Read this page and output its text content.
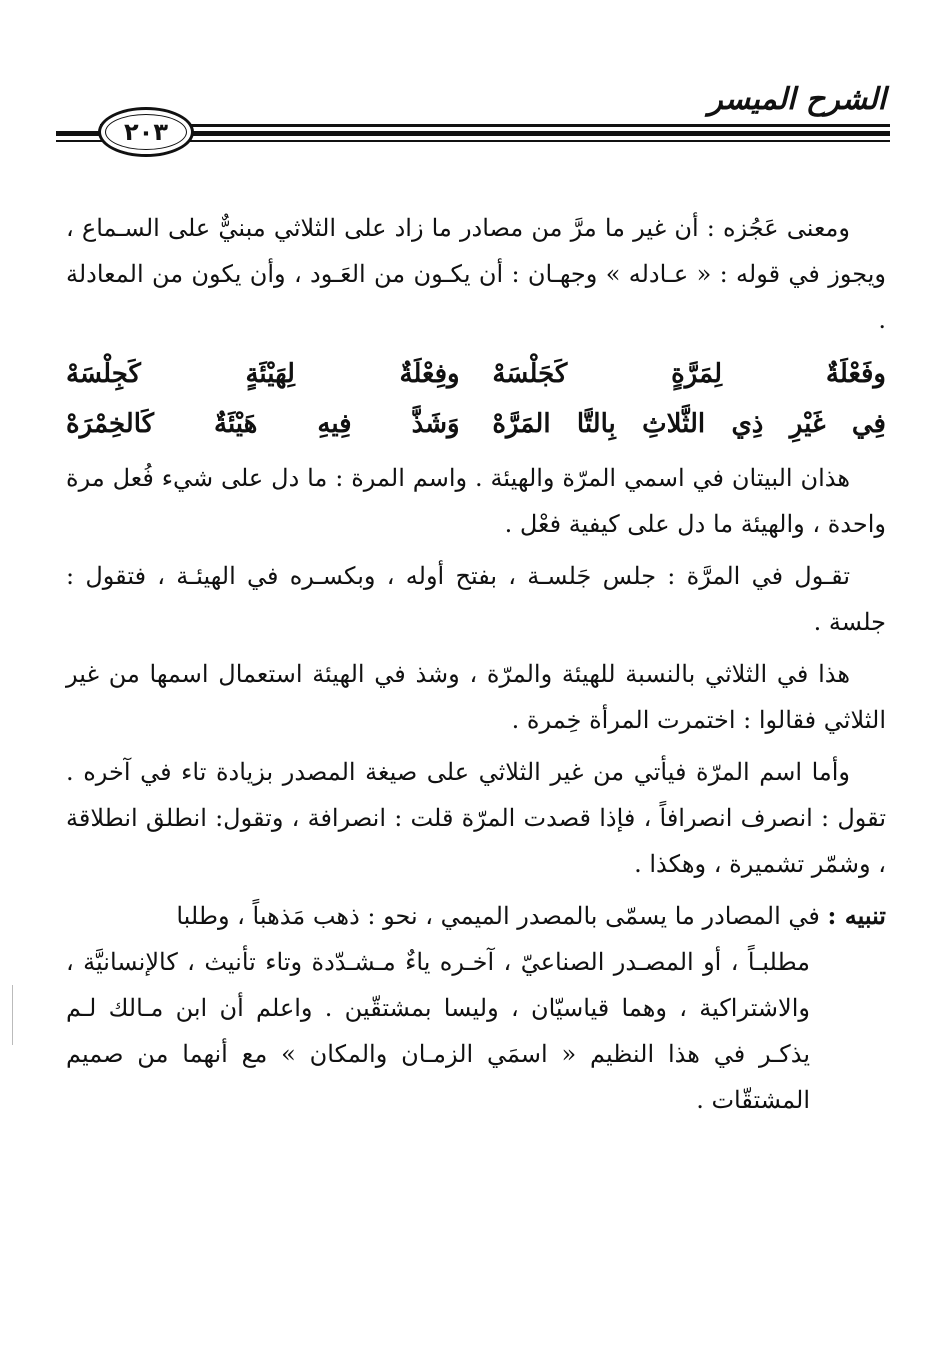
الشرح الميسر
٢٠٣

ومعنى عَجُزه : أن غير ما مرَّ من مصادر ما زاد على الثلاثي مبنيٌّ على السـماع ، ويجوز في قوله : « عـادله » وجهـان : أن يكـون من العَـود ، وأن يكون من المعادلة .

وفَعْلَةٌ لِمَرَّةٍ كَجَلْسَهْ
وفِعْلَةٌ لِهَيْئَةٍ كَجِلْسَهْ
فِي غَيْرِ ذِي الثَّلاثِ بِالتَّا المَرَّهْ
وَشَذَّ فِيهِ هَيْئَةٌ كَالخِمْرَهْ

هذان البيتان في اسمي المرّة والهيئة . واسم المرة : ما دل على شيء فُعل مرة واحدة ، والهيئة ما دل على كيفية فعْل .

تقـول في المرَّة : جلس جَلسـة ، بفتح أوله ، وبكسـره في الهيئـة ، فتقول : جلسة .

هذا في الثلاثي بالنسبة للهيئة والمرّة ، وشذ في الهيئة استعمال اسمها من غير الثلاثي فقالوا : اختمرت المرأة خِمرة .

وأما اسم المرّة فيأتي من غير الثلاثي على صيغة المصدر بزيادة تاء في آخره . تقول : انصرف انصرافاً ، فإذا قصدت المرّة قلت : انصرافة ، وتقول: انطلق انطلاقة ، وشمّر تشميرة ، وهكذا .

تنبيه : في المصادر ما يسمّى بالمصدر الميمي ، نحو : ذهب مَذهباً ، وطلبا

مطلبـاً ، أو المصـدر الصناعيّ ، آخـره ياءٌ مـشـدّدة وتاء تأنيث ، كالإنسانيَّة ، والاشتراكية ، وهما قياسيّان ، وليسا بمشتقّين . واعلم أن ابن مـالك لـم يذكـر في هذا النظيم « اسمَي الزمـان والمكان » مع أنهما من صميم المشتقّات .
